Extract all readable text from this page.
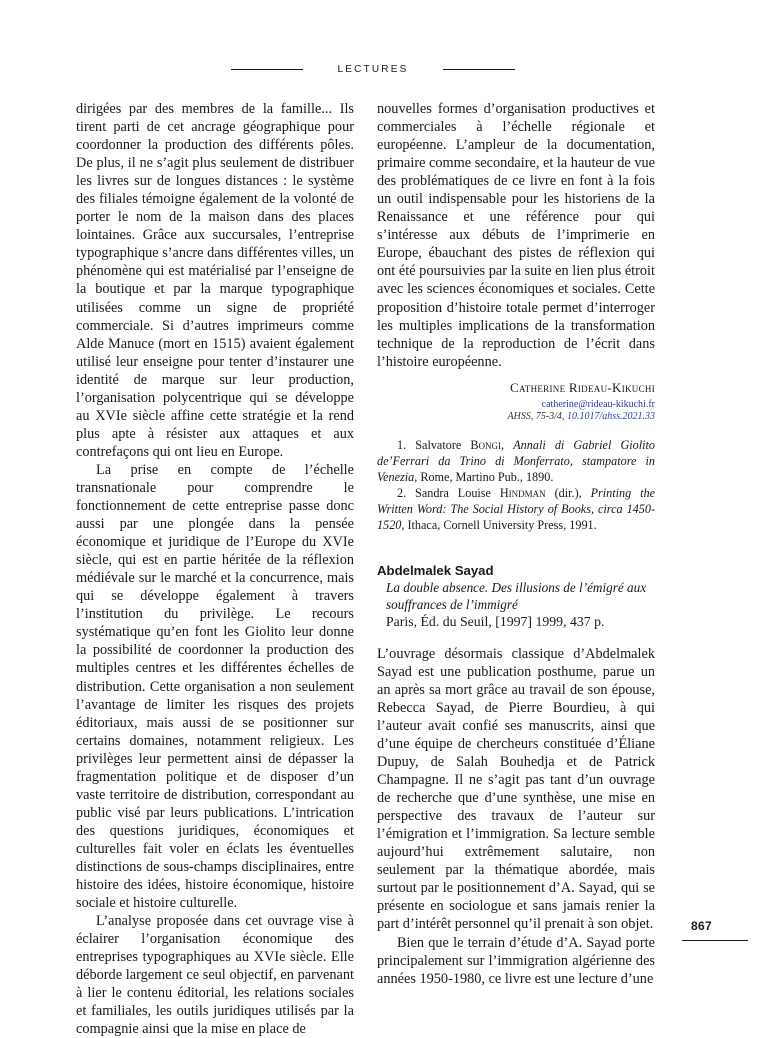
LECTURES

dirigées par des membres de la famille... Ils tirent parti de cet ancrage géographique pour coordonner la production des différents pôles. De plus, il ne s’agit plus seulement de distribuer les livres sur de longues distances : le système des filiales témoigne également de la volonté de porter le nom de la maison dans des places lointaines. Grâce aux succursales, l’entreprise typographique s’ancre dans différentes villes, un phénomène qui est matérialisé par l’enseigne de la boutique et par la marque typographique utilisées comme un signe de propriété commerciale. Si d’autres imprimeurs comme Alde Manuce (mort en 1515) avaient également utilisé leur enseigne pour tenter d’instaurer une identité de marque sur leur production, l’organisation polycentrique qui se développe au XVIe siècle affine cette stratégie et la rend plus apte à résister aux attaques et aux contrefaçons qui ont lieu en Europe.

La prise en compte de l’échelle transnationale pour comprendre le fonctionnement de cette entreprise passe donc aussi par une plongée dans la pensée économique et juridique de l’Europe du XVIe siècle, qui est en partie héritée de la réflexion médiévale sur le marché et la concurrence, mais qui se développe également à travers l’institution du privilège. Le recours systématique qu’en font les Giolito leur donne la possibilité de coordonner la production des multiples centres et les différentes échelles de distribution. Cette organisation a non seulement l’avantage de limiter les risques des projets éditoriaux, mais aussi de se positionner sur certains domaines, notamment religieux. Les privilèges leur permettent ainsi de dépasser la fragmentation politique et de disposer d’un vaste territoire de distribution, correspondant au public visé par leurs publications. L’intrication des questions juridiques, économiques et culturelles fait voler en éclats les éventuelles distinctions de sous-champs disciplinaires, entre histoire des idées, histoire économique, histoire sociale et histoire culturelle.

L’analyse proposée dans cet ouvrage vise à éclairer l’organisation économique des entreprises typographiques au XVIe siècle. Elle déborde largement ce seul objectif, en parvenant à lier le contenu éditorial, les relations sociales et familiales, les outils juridiques utilisés par la compagnie ainsi que la mise en place de

nouvelles formes d’organisation productives et commerciales à l’échelle régionale et européenne. L’ampleur de la documentation, primaire comme secondaire, et la hauteur de vue des problématiques de ce livre en font à la fois un outil indispensable pour les historiens de la Renaissance et une référence pour qui s’intéresse aux débuts de l’imprimerie en Europe, ébauchant des pistes de réflexion qui ont été poursuivies par la suite en lien plus étroit avec les sciences économiques et sociales. Cette proposition d’histoire totale permet d’interroger les multiples implications de la transformation technique de la reproduction de l’écrit dans l’histoire européenne.

Catherine Rideau-Kikuchi
catherine@rideau-kikuchi.fr
AHSS, 75-3/4, 10.1017/ahss.2021.33

1. Salvatore Bongi, Annali di Gabriel Giolito de’Ferrari da Trino di Monferrato, stampatore in Venezia, Rome, Martino Pub., 1890.

2. Sandra Louise Hindman (dir.), Printing the Written Word: The Social History of Books, circa 1450-1520, Ithaca, Cornell University Press, 1991.

Abdelmalek Sayad
La double absence. Des illusions de l’émigré aux souffrances de l’immigré
Paris, Éd. du Seuil, [1997] 1999, 437 p.

L’ouvrage désormais classique d’Abdelmalek Sayad est une publication posthume, parue un an après sa mort grâce au travail de son épouse, Rebecca Sayad, de Pierre Bourdieu, à qui l’auteur avait confié ses manuscrits, ainsi que d’une équipe de chercheurs constituée d’Éliane Dupuy, de Salah Bouhedja et de Patrick Champagne. Il ne s’agit pas tant d’un ouvrage de recherche que d’une synthèse, une mise en perspective des travaux de l’auteur sur l’émigration et l’immigration. Sa lecture semble aujourd’hui extrêmement salutaire, non seulement par la thématique abordée, mais surtout par le positionnement d’A. Sayad, qui se présente en sociologue et sans jamais renier la part d’intérêt personnel qu’il prenait à son objet.

Bien que le terrain d’étude d’A. Sayad porte principalement sur l’immigration algérienne des années 1950-1980, ce livre est une lecture d’une

867
